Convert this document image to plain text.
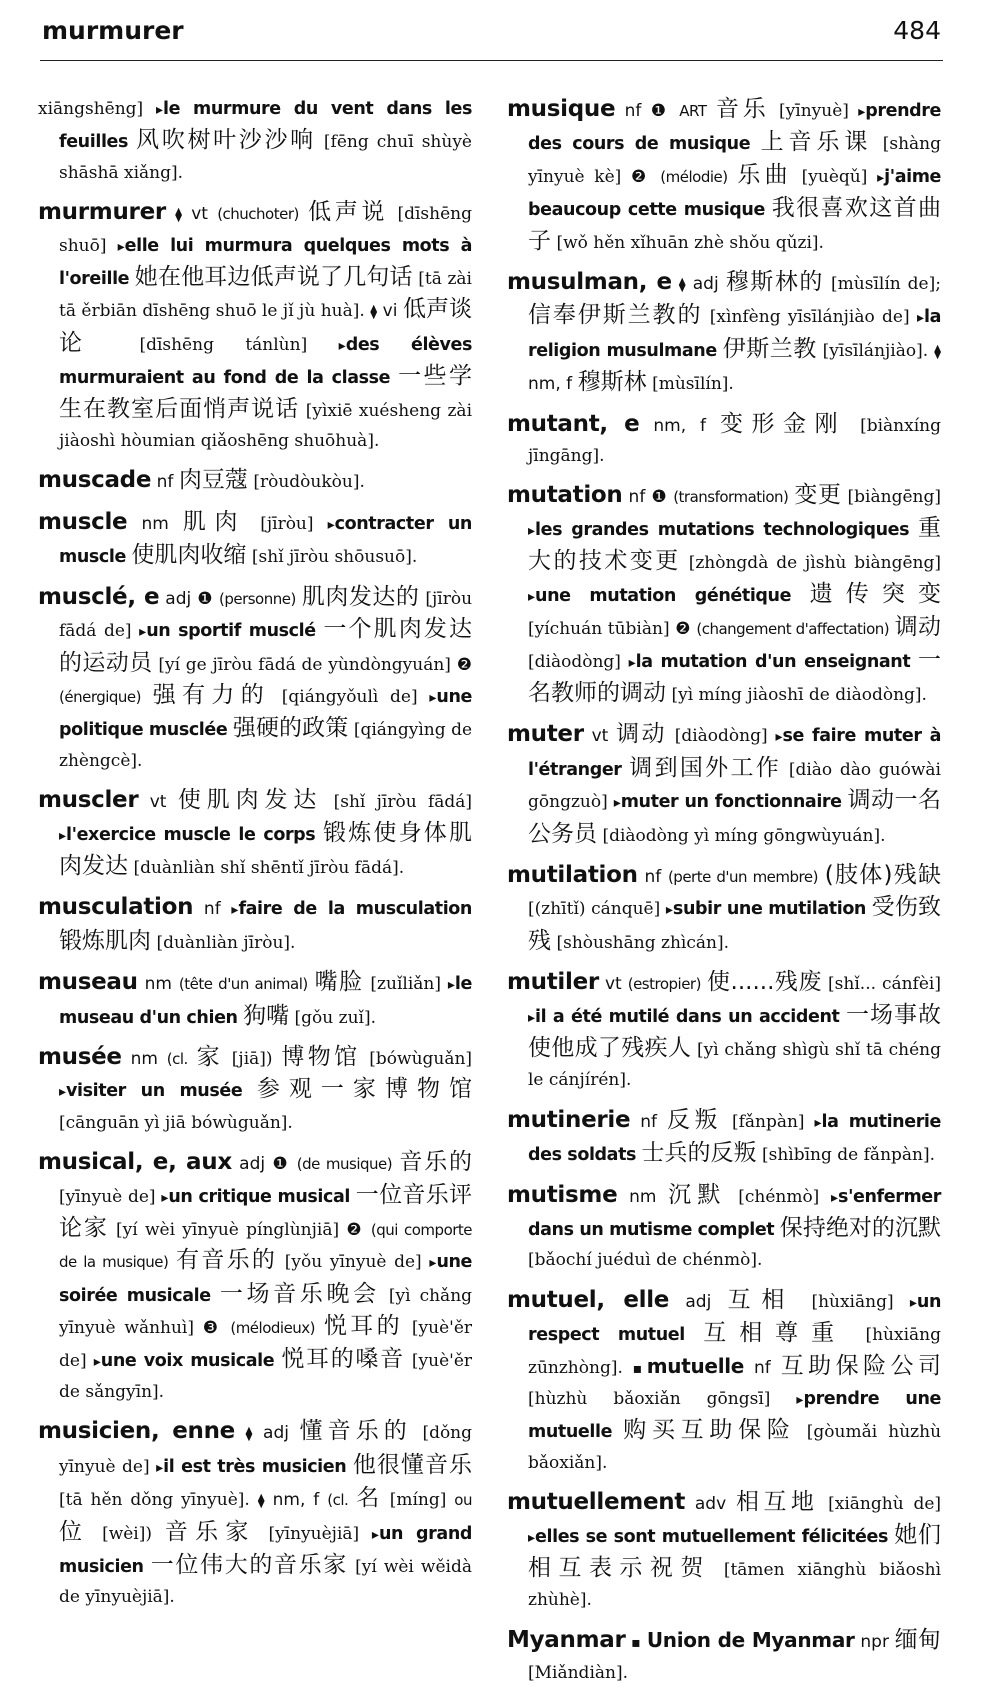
murmurer	484

xiāngshēng] ▸le murmure du vent dans les feuilles 风吹树叶沙沙响 [fēng chuī shùyè shāshā xiǎng].

murmurer ⧫ vt (chuchoter) 低声说 [dīshēng shuō] ▸elle lui murmura quelques mots à l'oreille 她在他耳边低声说了几句话 [tā zài tā ěrbiān dīshēng shuō le jǐ jù huà]. ⧫ vi 低声谈论 [dīshēng tánlùn] ▸des élèves murmuraient au fond de la classe 一些学生在教室后面悄声说话 [yìxiē xuésheng zài jiàoshì hòumian qiǎoshēng shuōhuà].

muscade nf 肉豆蔻 [ròudòukòu].

muscle nm 肌肉 [jīròu] ▸contracter un muscle 使肌肉收缩 [shǐ jīròu shōusuō].

musclé, e adj ❶ (personne) 肌肉发达的 [jīròu fādá de] ▸un sportif musclé 一个肌肉发达的运动员 [yí ge jīròu fādá de yùndòngyuán] ❷ (énergique) 强有力的 [qiángyǒulì de] ▸une politique musclée 强硬的政策 [qiángyìng de zhèngcè].

muscler vt 使肌肉发达 [shǐ jīròu fādá] ▸l'exercice muscle le corps 锻炼使身体肌肉发达 [duànliàn shǐ shēntǐ jīròu fādá].

musculation nf ▸faire de la musculation 锻炼肌肉 [duànliàn jīròu].

museau nm (tête d'un animal) 嘴脸 [zuǐliǎn] ▸le museau d'un chien 狗嘴 [gǒu zuǐ].

musée nm (cl. 家 [jiā]) 博物馆 [bówùguǎn] ▸visiter un musée 参观一家博物馆 [cānguān yì jiā bówùguǎn].

musical, e, aux adj ❶ (de musique) 音乐的 [yīnyuè de] ▸un critique musical 一位音乐评论家 [yí wèi yīnyuè pínglùnjiā] ❷ (qui comporte de la musique) 有音乐的 [yǒu yīnyuè de] ▸une soirée musicale 一场音乐晚会 [yì chǎng yīnyuè wǎnhuì] ❸ (mélodieux) 悦耳的 [yuè'ěr de] ▸une voix musicale 悦耳的嗓音 [yuè'ěr de sǎngyīn].

musicien, enne ⧫ adj 懂音乐的 [dǒng yīnyuè de] ▸il est très musicien 他很懂音乐 [tā hěn dǒng yīnyuè]. ⧫ nm, f (cl. 名 [míng] ou 位 [wèi]) 音乐家 [yīnyuèjiā] ▸un grand musicien 一位伟大的音乐家 [yí wèi wěidà de yīnyuèjiā].

musique nf ❶ ART 音乐 [yīnyuè] ▸prendre des cours de musique 上音乐课 [shàng yīnyuè kè] ❷ (mélodie) 乐曲 [yuèqǔ] ▸j'aime beaucoup cette musique 我很喜欢这首曲子 [wǒ hěn xǐhuān zhè shǒu qǔzi].

musulman, e ⧫ adj 穆斯林的 [mùsīlín de]; 信奉伊斯兰教的 [xìnfèng yīsīlánjiào de] ▸la religion musulmane 伊斯兰教 [yīsīlánjiào]. ⧫ nm, f 穆斯林 [mùsīlín].

mutant, e nm, f 变形金刚 [biànxíng jīngāng].

mutation nf ❶ (transformation) 变更 [biàngēng] ▸les grandes mutations technologiques 重大的技术变更 [zhòngdà de jìshù biàngēng] ▸une mutation génétique 遗传突变 [yíchuán tūbiàn] ❷ (changement d'affectation) 调动 [diàodòng] ▸la mutation d'un enseignant 一名教师的调动 [yì míng jiàoshī de diàodòng].

muter vt 调动 [diàodòng] ▸se faire muter à l'étranger 调到国外工作 [diào dào guówài gōngzuò] ▸muter un fonctionnaire 调动一名公务员 [diàodòng yì míng gōngwùyuán].

mutilation nf (perte d'un membre) (肢体)残缺 [(zhītǐ) cánquē] ▸subir une mutilation 受伤致残 [shòushāng zhìcán].

mutiler vt (estropier) 使......残废 [shǐ... cánfèi] ▸il a été mutilé dans un accident 一场事故使他成了残疾人 [yì chǎng shìgù shǐ tā chéng le cánjírén].

mutinerie nf 反叛 [fǎnpàn] ▸la mutinerie des soldats 士兵的反叛 [shìbīng de fǎnpàn].

mutisme nm 沉默 [chénmò] ▸s'enfermer dans un mutisme complet 保持绝对的沉默 [bǎochí juéduì de chénmò].

mutuel, elle adj 互相 [hùxiāng] ▸un respect mutuel 互相尊重 [hùxiāng zūnzhòng]. ▪mutuelle nf 互助保险公司 [hùzhù bǎoxiǎn gōngsī] ▸prendre une mutuelle 购买互助保险 [gòumǎi hùzhù bǎoxiǎn].

mutuellement adv 相互地 [xiānghù de] ▸elles se sont mutuellement félicitées 她们相互表示祝贺 [tāmen xiānghù biǎoshì zhùhè].

Myanmar ▪ Union de Myanmar npr 缅甸 [Miǎndiàn].
